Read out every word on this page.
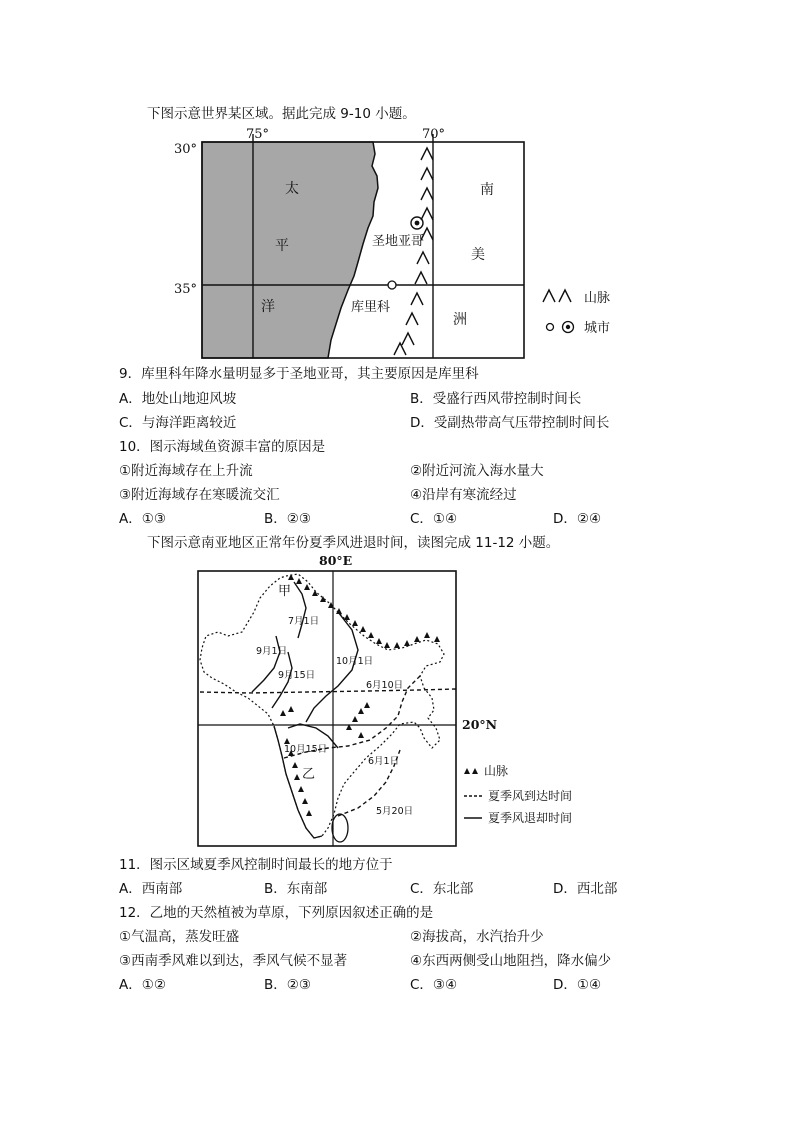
下图示意世界某区域。据此完成 9-10 小题。
75°	70°
30°
35°
太
平
洋
南
美
洲
圣地亚哥
库里科
山脉
城市
9．库里科年降水量明显多于圣地亚哥，其主要原因是库里科
A．地处山地迎风坡	B．受盛行西风带控制时间长
C．与海洋距离较近	D．受副热带高气压带控制时间长
10．图示海域鱼资源丰富的原因是
①附近海域存在上升流	②附近河流入海水量大
③附近海域存在寒暖流交汇	④沿岸有寒流经过
A．①③	B．②③	C．①④	D．②④
下图示意南亚地区正常年份夏季风进退时间，读图完成 11-12 小题。
80°E
20°N
甲
乙
7月1日
9月1日
9月15日
10月1日
6月10日
10月15日
6月1日
5月20日
山脉
夏季风到达时间
夏季风退却时间
11．图示区域夏季风控制时间最长的地方位于
A．西南部	B．东南部	C．东北部	D．西北部
12．乙地的天然植被为草原，下列原因叙述正确的是
①气温高，蒸发旺盛	②海拔高，水汽抬升少
③西南季风难以到达，季风气候不显著	④东西两侧受山地阻挡，降水偏少
A．①②	B．②③	C．③④	D．①④
